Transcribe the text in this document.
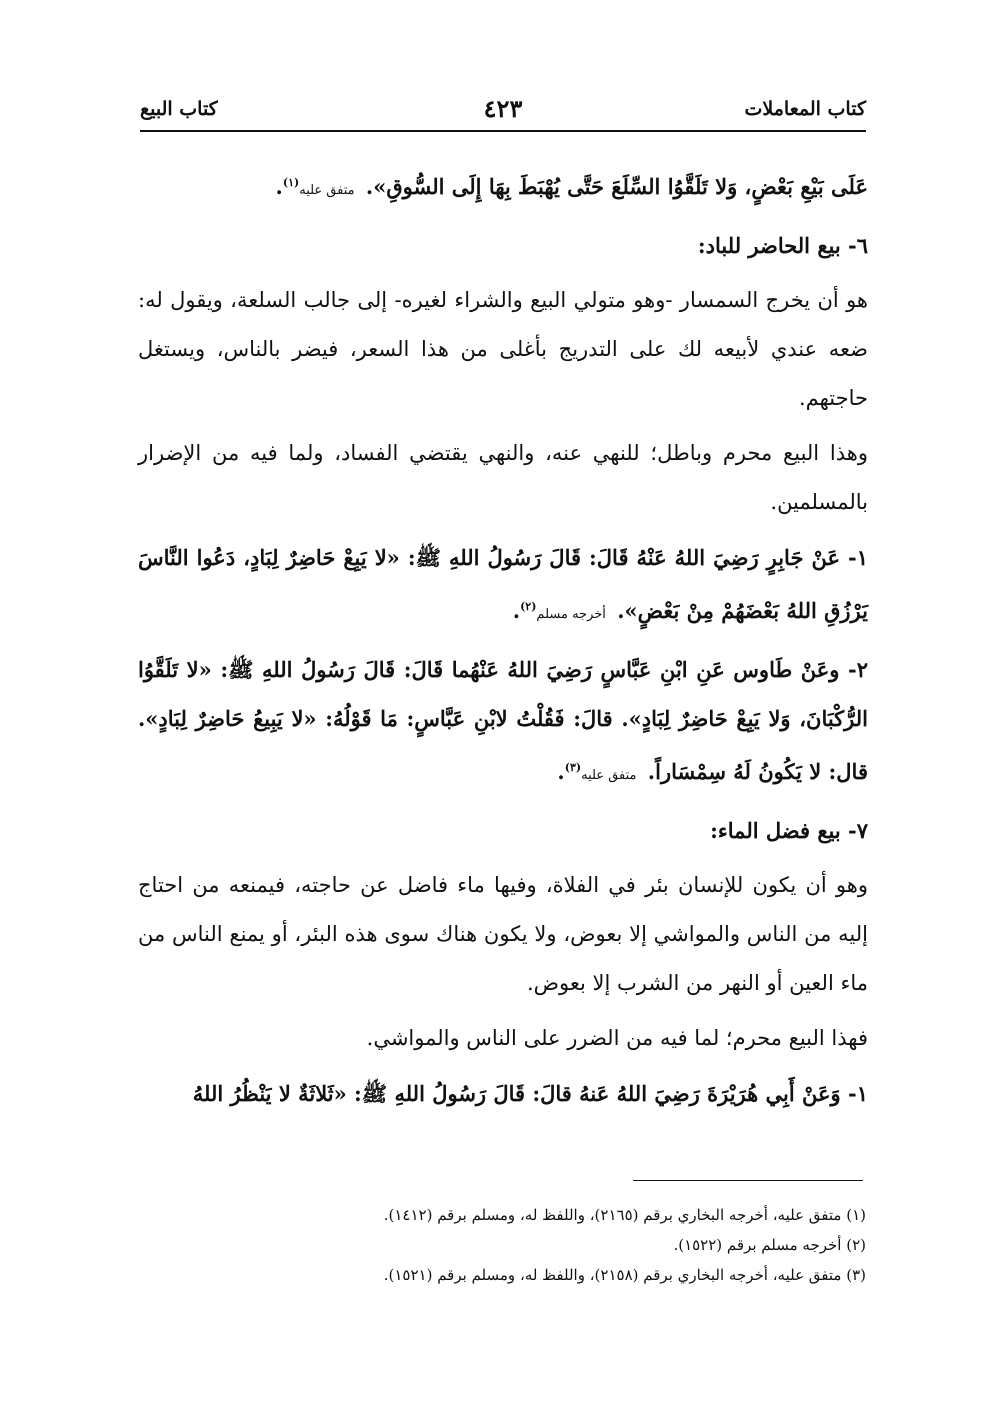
كتاب المعاملات
٤٢٣
كتاب البيع

عَلَى بَيْعِ بَعْضٍ، وَلا تَلَقَّوُا السِّلَعَ حَتَّى يُهْبَطَ بِهَا إِلَى السُّوقِ». متفق عليه$^{(١)}$.

٦- بيع الحاضر للباد:

هو أن يخرج السمسار -وهو متولي البيع والشراء لغيره- إلى جالب السلعة، ويقول له: ضعه عندي لأبيعه لك على التدريج بأغلى من هذا السعر، فيضر بالناس، ويستغل حاجتهم.

وهذا البيع محرم وباطل؛ للنهي عنه، والنهي يقتضي الفساد، ولما فيه من الإضرار بالمسلمين.

١- عَنْ جَابِرٍ رَضِيَ اللهُ عَنْهُ قَالَ: قَالَ رَسُولُ اللهِ ﷺ: «لا يَبِعْ حَاضِرٌ لِبَادٍ، دَعُوا النَّاسَ يَرْزُقِ اللهُ بَعْضَهُمْ مِنْ بَعْضٍ». أخرجه مسلم$^{(٢)}$.

٢- وعَنْ طَاوس عَنِ ابْنِ عَبَّاسٍ رَضِيَ اللهُ عَنْهُما قَالَ: قَالَ رَسُولُ اللهِ ﷺ: «لا تَلَقَّوُا الرُّكْبَانَ، وَلا يَبِعْ حَاضِرٌ لِبَادٍ». قالَ: فَقُلْتُ لابْنِ عَبَّاسٍ: مَا قَوْلُهُ: «لا يَبِيعُ حَاضِرٌ لِبَادٍ». قال: لا يَكُونُ لَهُ سِمْسَاراً. متفق عليه$^{(٣)}$.

٧- بيع فضل الماء:

وهو أن يكون للإنسان بئر في الفلاة، وفيها ماء فاضل عن حاجته، فيمنعه من احتاج إليه من الناس والمواشي إلا بعوض، ولا يكون هناك سوى هذه البئر، أو يمنع الناس من ماء العين أو النهر من الشرب إلا بعوض.

فهذا البيع محرم؛ لما فيه من الضرر على الناس والمواشي.

١- وَعَنْ أَبِي هُرَيْرَةَ رَضِيَ اللهُ عَنهُ قالَ: قَالَ رَسُولُ اللهِ ﷺ: «ثَلاثَةٌ لا يَنْظُرُ اللهُ

(١) متفق عليه، أخرجه البخاري برقم (٢١٦٥)، واللفظ له، ومسلم برقم (١٤١٢).
(٢) أخرجه مسلم برقم (١٥٢٢).
(٣) متفق عليه، أخرجه البخاري برقم (٢١٥٨)، واللفظ له، ومسلم برقم (١٥٢١).
